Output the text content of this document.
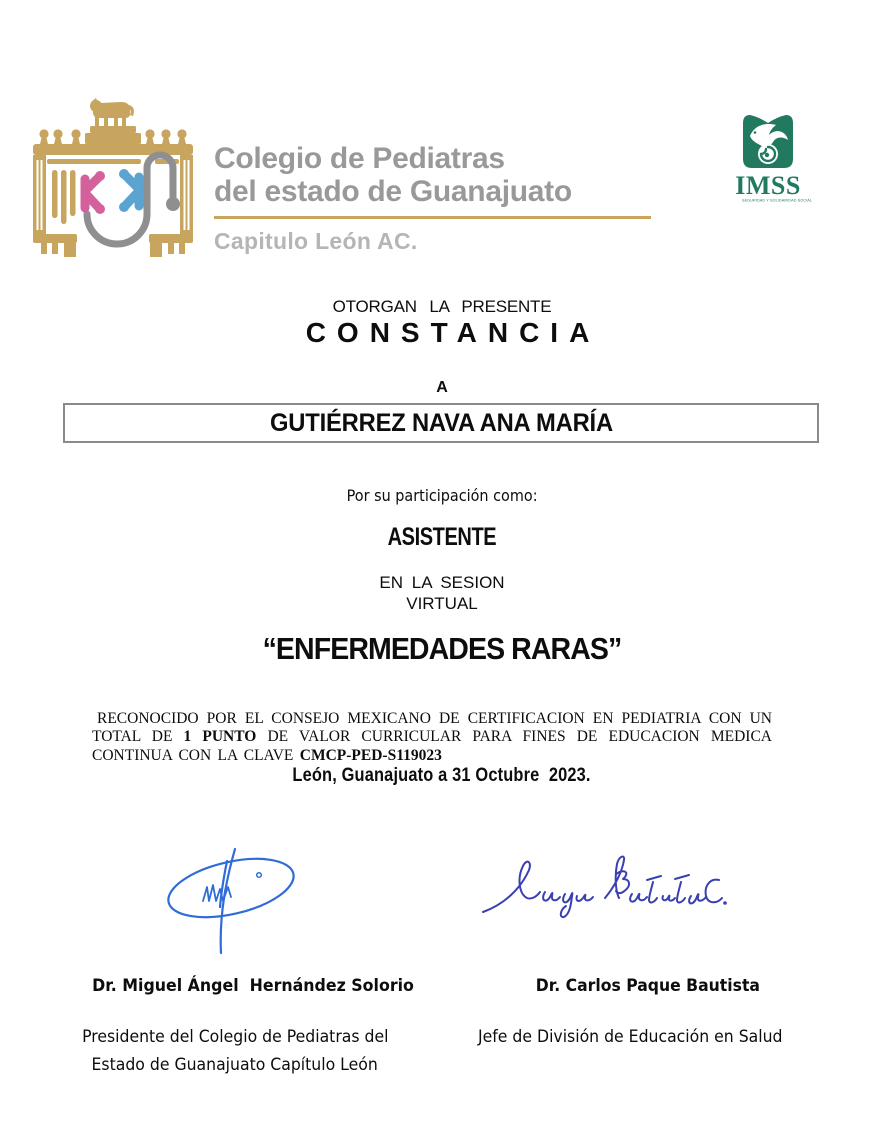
Colegio de Pediatras
del estado de Guanajuato
Capitulo León AC.
IMSS
SEGURIDAD Y SOLIDARIDAD SOCIAL
OTORGAN LA PRESENTE
CONSTANCIA
A
GUTIÉRREZ NAVA ANA MARÍA
Por su participación como:
ASISTENTE
EN LA SESION
VIRTUAL
“ENFERMEDADES RARAS”

RECONOCIDO POR EL CONSEJO MEXICANO DE CERTIFICACION EN PEDIATRIA CON UN TOTAL DE 1 PUNTO DE VALOR CURRICULAR PARA FINES DE EDUCACION MEDICA CONTINUA CON LA CLAVE CMCP-PED-S119023

León, Guanajuato a 31 Octubre  2023.

Dr. Miguel Ángel  Hernández Solorio

Presidente del Colegio de Pediatras del
Estado de Guanajuato Capítulo León

Dr. Carlos Paque Bautista

Jefe de División de Educación en Salud
